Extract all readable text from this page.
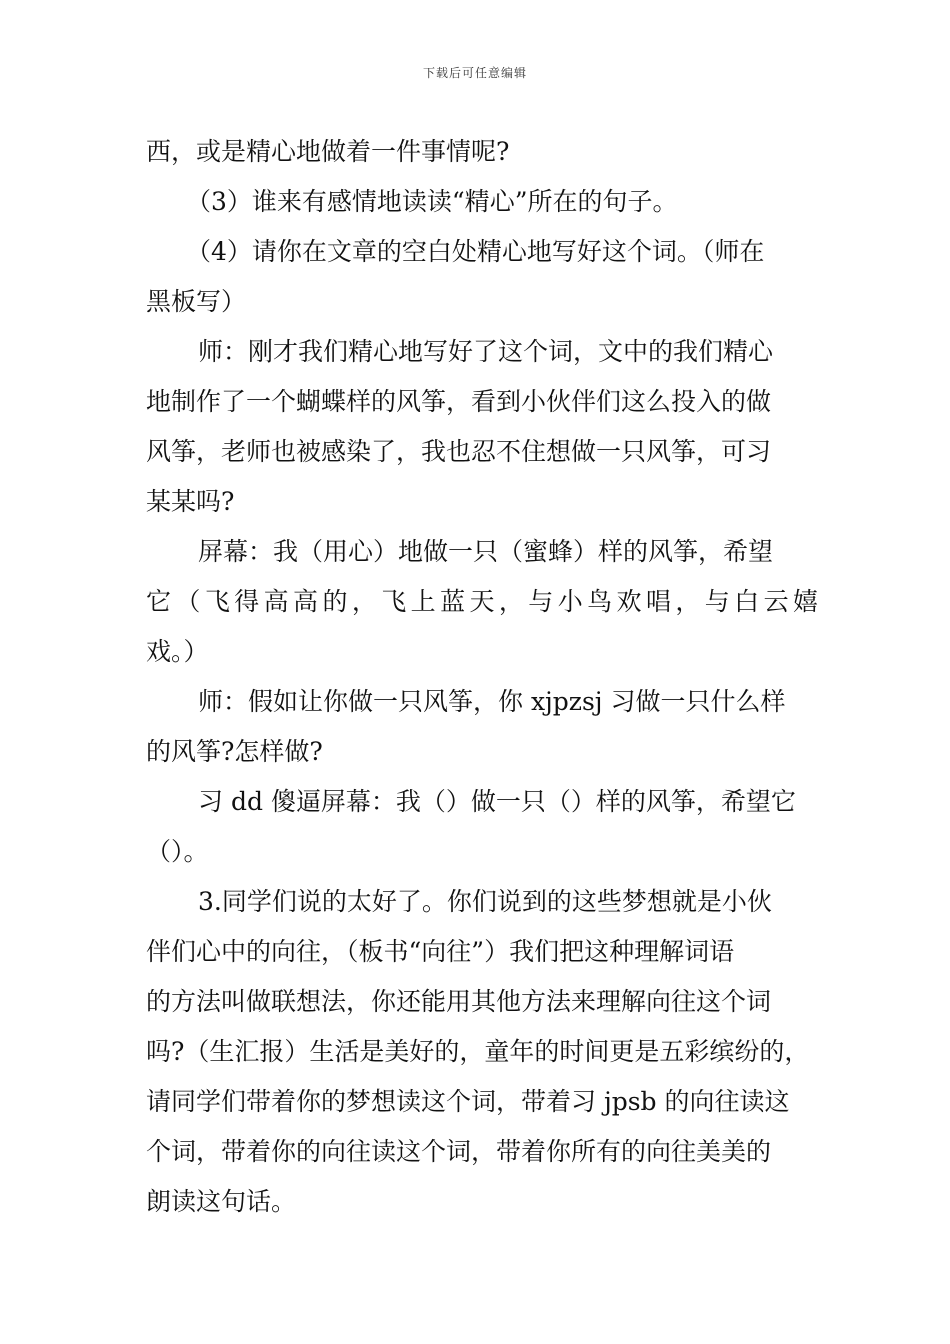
下载后可任意编辑
西，或是精心地做着一件事情呢?
（3）谁来有感情地读读“精心”所在的句子。
（4）请你在文章的空白处精心地写好这个词。（师在
黑板写）
师：刚才我们精心地写好了这个词，文中的我们精心
地制作了一个蝴蝶样的风筝，看到小伙伴们这么投入的做
风筝，老师也被感染了，我也忍不住想做一只风筝，可习
某某吗?
屏幕：我（用心）地做一只（蜜蜂）样的风筝，希望
它（飞得高高的，飞上蓝天，与小鸟欢唱，与白云嬉
戏。）
师：假如让你做一只风筝，你 xjpzsj 习做一只什么样
的风筝?怎样做?
习 dd 傻逼屏幕：我（）做一只（）样的风筝，希望它
（）。
3.同学们说的太好了。你们说到的这些梦想就是小伙
伴们心中的向往，（板书“向往”）我们把这种理解词语
的方法叫做联想法，你还能用其他方法来理解向往这个词
吗?（生汇报）生活是美好的，童年的时间更是五彩缤纷的，
请同学们带着你的梦想读这个词，带着习 jpsb 的向往读这
个词，带着你的向往读这个词，带着你所有的向往美美的
朗读这句话。
